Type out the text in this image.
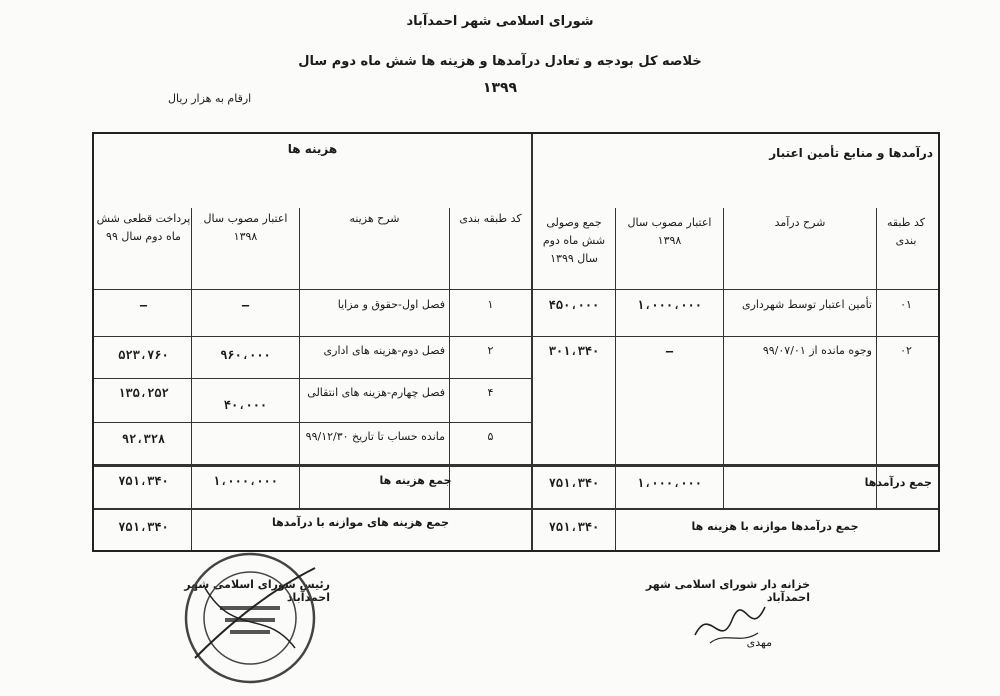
شورای اسلامی شهر احمدآباد
خلاصه کل بودجه و تعادل درآمدها و هزینه ها شش ماه دوم سال
۱۳۹۹
ارقام به هزار ریال
درآمدها و منابع تأمین اعتبار
هزینه ها
کد طبقه بندی
شرح درآمد
اعتبار مصوب سال ۱۳۹۸
جمع وصولی شش ماه دوم سال ۱۳۹۹
کد طبقه بندی
شرح هزینه
اعتبار مصوب سال ۱۳۹۸
پرداخت قطعی شش ماه دوم سال ۹۹
۰۱
تأمین اعتبار توسط شهرداری
۱،۰۰۰،۰۰۰
۴۵۰،۰۰۰
۰۲
وجوه مانده از ۹۹/۰۷/۰۱
–
۳۰۱،۳۴۰
۱
فصل اول-حقوق و مزایا
–
–
۲
فصل دوم-هزینه های اداری
۹۶۰،۰۰۰
۵۲۳،۷۶۰
۴
فصل چهارم-هزینه های انتقالی
۴۰،۰۰۰
۱۳۵،۲۵۲
۵
مانده حساب تا تاریخ ۹۹/۱۲/۳۰
۹۲،۳۲۸
جمع درآمدها
۱،۰۰۰،۰۰۰
۷۵۱،۳۴۰
جمع هزینه ها
۱،۰۰۰،۰۰۰
۷۵۱،۳۴۰
جمع درآمدها موازنه با هزینه ها
۷۵۱،۳۴۰
جمع هزینه های موازنه با درآمدها
۷۵۱،۳۴۰
خزانه دار شورای اسلامی شهر احمدآباد
مهدی
رئیس شورای اسلامی شهر احمدآباد
